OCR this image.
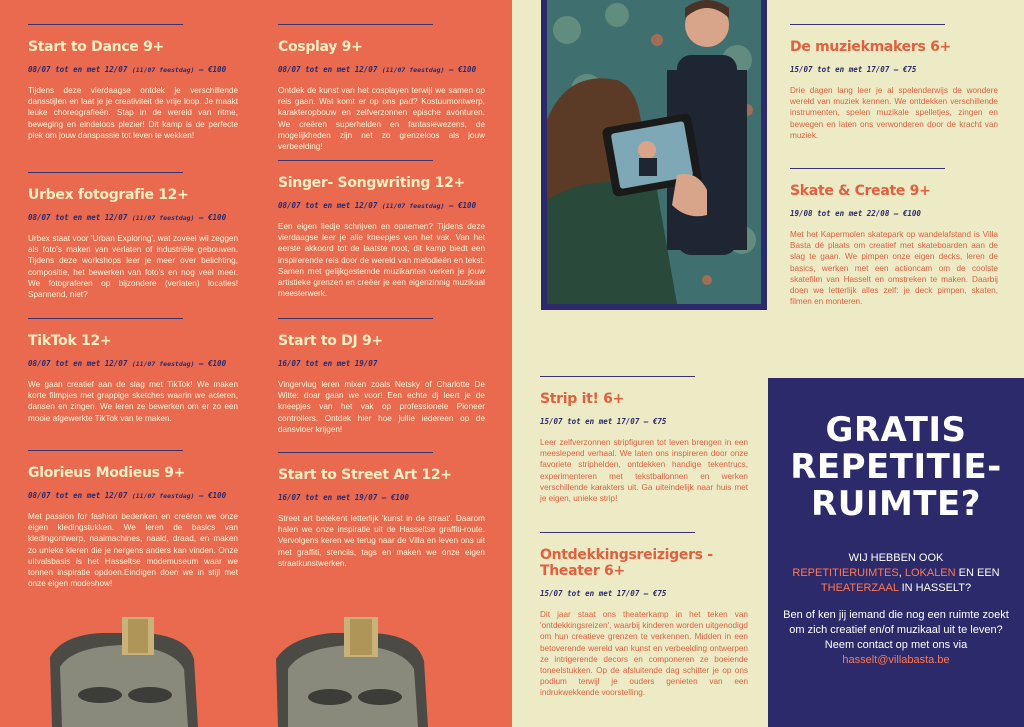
Start to Dance 9+
08/07 tot en met 12/07 (11/07 feestdag) – €100
Tijdens deze vierdaagse ontdek je verschillende dansstijlen en laat je je creativiteit de vrije loop. Je maakt leuke choreografieën. Stap in de wereld van ritme, beweging en eindeloos plezier! Dit kamp is de perfecte plek om jouw danspassie tot leven te wekken!
Urbex fotografie 12+
08/07 tot en met 12/07 (11/07 feestdag) – €100
Urbex staat voor 'Urban Exploring', wat zoveel wil zeggen als foto's maken van verlaten of industriële gebouwen. Tijdens deze workshops leer je meer over belichting, compositie, het bewerken van foto's en nog veel meer. We fotograferen op bijzondere (verlaten) locaties! Spannend, niet?
TikTok 12+
08/07 tot en met 12/07 (11/07 feestdag) – €100
We gaan creatief aan de slag met TikTok! We maken korte filmpjes met grappige sketches waarin we acteren, dansen en zingen. We leren ze bewerken om er zo een mooie afgewerkte TikTok van te maken.
Glorieus Modieus 9+
08/07 tot en met 12/07 (11/07 feestdag) – €100
Met passion for fashion bedenken en creëren we onze eigen kledingstukken. We leren de basics van kledingontwerp, naaimachines, naald, draad, en maken zo unieke kleren die je nergens anders kan vinden. Onze uitvalsbasis is het Hasseltse modemuseum waar we tonnen inspiratie opdoen.Eindigen doen we in stijl met onze eigen modeshow!
Cosplay 9+
08/07 tot en met 12/07 (11/07 feestdag) – €100
Ontdek de kunst van het cosplayen terwijl we samen op reis gaan. Wat komt er op ons pad? Kostuumontwerp, karakteropbouw en zelfverzonnen epische avonturen. We creëren superhelden en fantasiewezens, de mogelijkheden zijn net zo grenzeloos als jouw verbeelding!
Singer- Songwriting 12+
08/07 tot en met 12/07 (11/07 feestdag) – €100
Een eigen liedje schrijven en opnemen? Tijdens deze vierdaagse leer je alle kneepjes van het vak. Van het eerste akkoord tot de laatste noot, dit kamp biedt een inspirerende reis door de wereld van melodieën en tekst. Samen met gelijkgestemde muzikanten verken je jouw artistieke grenzen en creëer je een eigenzinnig muzikaal meesterwerk.
Start to DJ 9+
16/07 tot en met 19/07
Vingervlug leren mixen zoals Netsky of Charlotte De Witte: doar gaan we voor! Een echte dj leert je de kneepjes van het vak op professionele Pioneer controllers. Ontdek hier hoe jullie iedereen op de dansvloer krijgen!
Start to Street Art 12+
16/07 tot en met 19/07 – €100
Street art betekent letterlijk 'kunst in de straat'. Daarom halen we onze inspiratie uit de Hasseltse graffiti-route. Vervolgens keren we terug naar de Villa en leven ons uit met graffiti, stencils, tags en maken we onze eigen straatkunstwerken.
De muziekmakers 6+
15/07 tot en met 17/07 – €75
Drie dagen lang leer je al spelenderwijs de wondere wereld van muziek kennen. We ontdekken verschillende instrumenten, spelen muzikale spelletjes, zingen en bewegen en laten ons verwonderen door de kracht van muziek.
Skate & Create 9+
19/08 tot en met 22/08 – €100
Met het Kapermolen skatepark op wandelafstand is Villa Basta dé plaats om creatief met skateboarden aan de slag te gaan. We pimpen onze eigen decks, leren de basics, werken met een actioncam om de coolste skatefilm van Hasselt en omstreken te maken. Daarbij doen we letterlijk alles zelf: je deck pimpen, skaten, filmen en monteren.
Strip it! 6+
15/07 tot en met 17/07 – €75
Leer zelfverzonnen stripfiguren tot leven brengen in een meeslepend verhaal. We laten ons inspireren door onze favoriete striphelden, ontdekken handige tekentrucs, experimenteren met tekstballonnen en werken verschillende karakters uit. Ga uiteindelijk naar huis met je eigen, unieke strip!
Ontdekkingsreizigers - Theater 6+
15/07 tot en met 17/07 – €75
Dit jaar staat ons theaterkamp in het teken van 'ontdekkingsreizen', waarbij kinderen worden uitgenodigd om hun creatieve grenzen te verkennen. Midden in een betoverende wereld van kunst en verbeelding ontwerpen ze intrigerende decors en componeren ze boeiende toneelstukken. Op de afsluitende dag schitter je op ons podium terwijl je ouders genieten van een indrukwekkende voorstelling.
GRATIS
REPETITIE-
RUIMTE?
WIJ HEBBEN OOK
REPETITIERUIMTES, LOKALEN EN EEN THEATERZAAL IN HASSELT?
Ben of ken jij iemand die nog een ruimte zoekt om zich creatief en/of muzikaal uit te leven? Neem contact op met ons via hasselt@villabasta.be
